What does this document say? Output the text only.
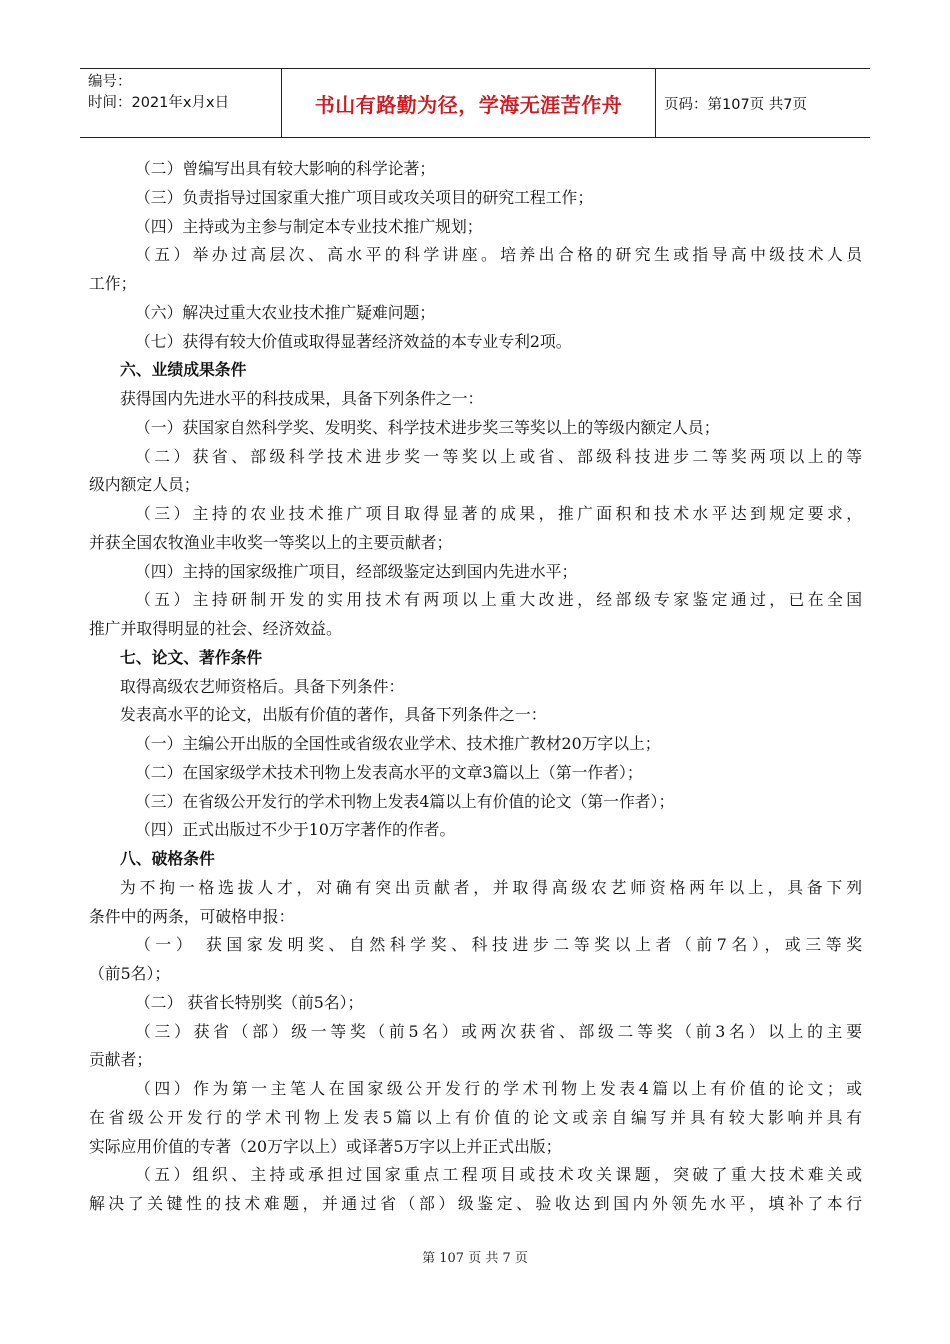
编号：
时间：2021年x月x日	书山有路勤为径，学海无涯苦作舟	页码：第107页 共7页
（二）曾编写出具有较大影响的科学论著；
（三）负责指导过国家重大推广项目或攻关项目的研究工程工作；
（四）主持或为主参与制定本专业技术推广规划；
（五）举办过高层次、高水平的科学讲座。培养出合格的研究生或指导高中级技术人员
工作；
（六）解决过重大农业技术推广疑难问题；
（七）获得有较大价值或取得显著经济效益的本专业专利2项。
六、业绩成果条件
获得国内先进水平的科技成果，具备下列条件之一：
（一）获国家自然科学奖、发明奖、科学技术进步奖三等奖以上的等级内额定人员；
（二）获省、部级科学技术进步奖一等奖以上或省、部级科技进步二等奖两项以上的等
级内额定人员；
（三）主持的农业技术推广项目取得显著的成果，推广面积和技术水平达到规定要求，
并获全国农牧渔业丰收奖一等奖以上的主要贡献者；
（四）主持的国家级推广项目，经部级鉴定达到国内先进水平；
（五）主持研制开发的实用技术有两项以上重大改进，经部级专家鉴定通过，已在全国
推广并取得明显的社会、经济效益。
七、论文、著作条件
取得高级农艺师资格后。具备下列条件：
发表高水平的论文，出版有价值的著作，具备下列条件之一：
（一）主编公开出版的全国性或省级农业学术、技术推广教材20万字以上；
（二）在国家级学术技术刊物上发表高水平的文章3篇以上（第一作者）；
（三）在省级公开发行的学术刊物上发表4篇以上有价值的论文（第一作者）；
（四）正式出版过不少于10万字著作的作者。
八、破格条件
为不拘一格选拔人才，对确有突出贡献者，并取得高级农艺师资格两年以上，具备下列
条件中的两条，可破格申报：
（一） 获国家发明奖、自然科学奖、科技进步二等奖以上者（前7名），或三等奖
（前5名）；
（二） 获省长特别奖（前5名）；
（三）获省（部）级一等奖（前5名）或两次获省、部级二等奖（前3名）以上的主要
贡献者；
（四）作为第一主笔人在国家级公开发行的学术刊物上发表4篇以上有价值的论文；或
在省级公开发行的学术刊物上发表5篇以上有价值的论文或亲自编写并具有较大影响并具有
实际应用价值的专著（20万字以上）或译著5万字以上并正式出版；
（五）组织、主持或承担过国家重点工程项目或技术攻关课题，突破了重大技术难关或
解决了关键性的技术难题，并通过省（部）级鉴定、验收达到国内外领先水平，填补了本行
第 107 页 共 7 页
